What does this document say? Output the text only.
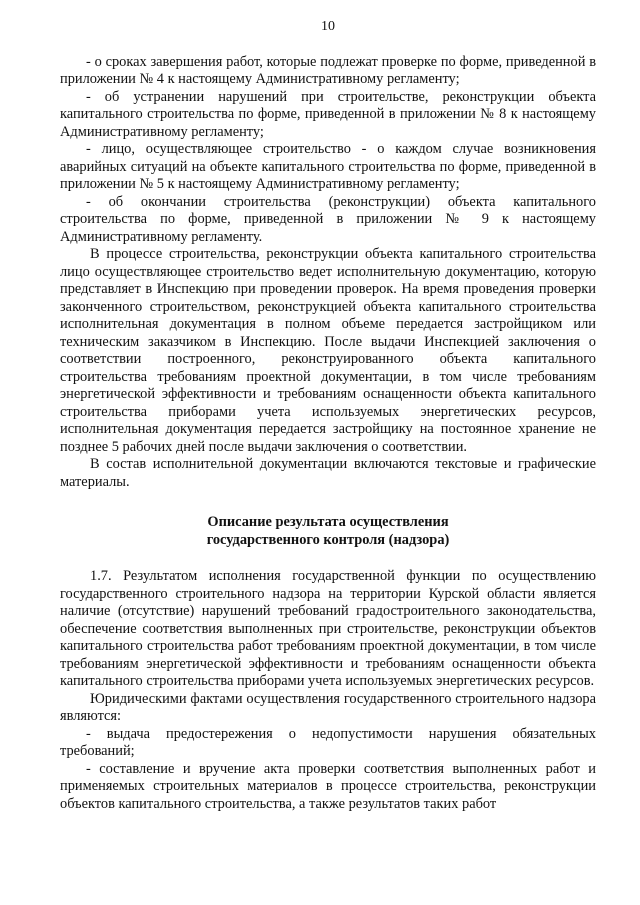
10

- о сроках завершения работ, которые подлежат проверке по форме, приведенной в приложении № 4 к настоящему Административному регламенту;

- об устранении нарушений при строительстве, реконструкции объекта капитального строительства по форме, приведенной в приложении № 8 к настоящему Административному регламенту;

- лицо, осуществляющее строительство - о каждом случае возникновения аварийных ситуаций на объекте капитального строительства по форме, приведенной в приложении № 5 к настоящему Административному регламенту;

- об окончании строительства (реконструкции) объекта капитального строительства по форме, приведенной в приложении № 9 к настоящему Административному регламенту.

В процессе строительства, реконструкции объекта капитального строительства лицо осуществляющее строительство ведет исполнительную документацию, которую представляет в Инспекцию при проведении проверок. На время проведения проверки законченного строительством, реконструкцией объекта капитального строительства исполнительная документация в полном объеме передается застройщиком или техническим заказчиком в Инспекцию. После выдачи Инспекцией заключения о соответствии построенного, реконструированного объекта капитального строительства требованиям проектной документации, в том числе требованиям энергетической эффективности и требованиям оснащенности объекта капитального строительства приборами учета используемых энергетических ресурсов, исполнительная документация передается застройщику на постоянное хранение не позднее 5 рабочих дней после выдачи заключения о соответствии.

В состав исполнительной документации включаются текстовые и графические материалы.

Описание результата осуществления
государственного контроля (надзора)

1.7. Результатом исполнения государственной функции по осуществлению государственного строительного надзора на территории Курской области является наличие (отсутствие) нарушений требований градостроительного законодательства, обеспечение соответствия выполненных при строительстве, реконструкции объектов капитального строительства работ требованиям проектной документации, в том числе требованиям энергетической эффективности и требованиям оснащенности объекта капитального строительства приборами учета используемых энергетических ресурсов.

Юридическими фактами осуществления государственного строительного надзора являются:

- выдача предостережения о недопустимости нарушения обязательных требований;

- составление и вручение акта проверки соответствия выполненных работ и применяемых строительных материалов в процессе строительства, реконструкции объектов капитального строительства, а также результатов таких работ
